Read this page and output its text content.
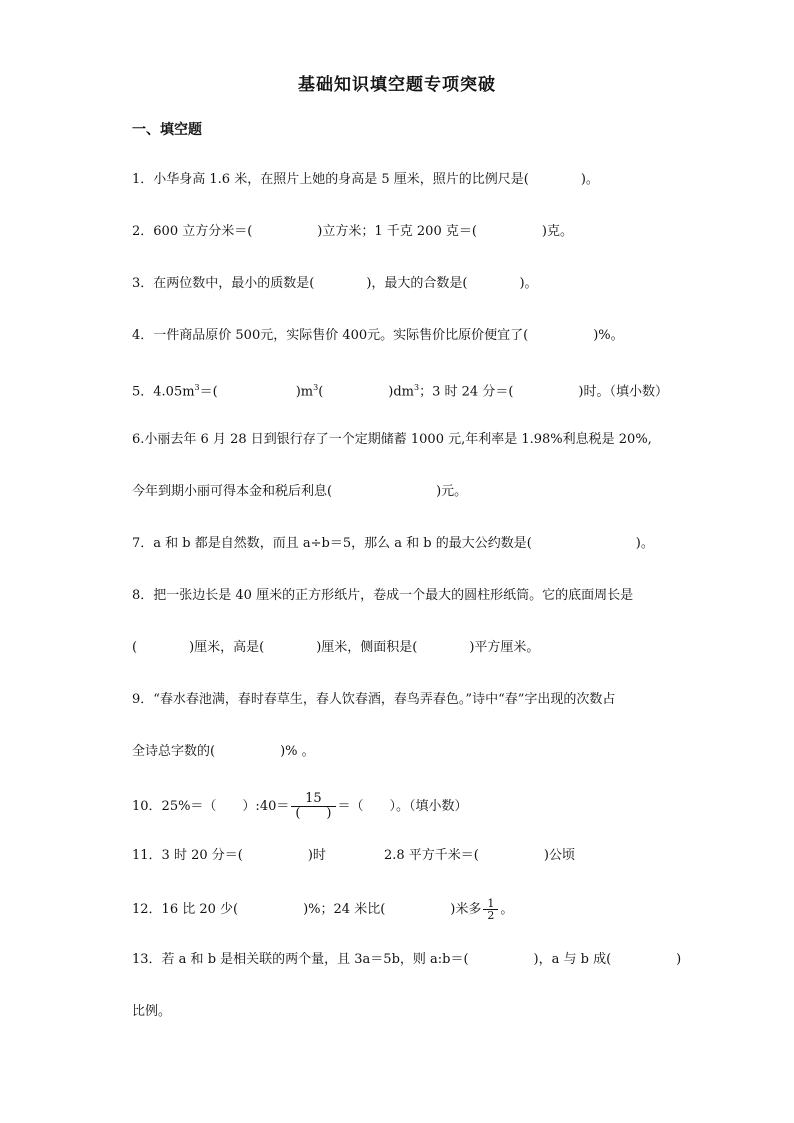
基础知识填空题专项突破
一、填空题
1．小华身高 1.6 米，在照片上她的身高是 5 厘米，照片的比例尺是(　　　　)。
2．600 立方分米＝(　　　　　)立方米；1 千克 200 克＝(　　　　　)克。
3．在两位数中，最小的质数是(　　　　)，最大的合数是(　　　　)。
4．一件商品原价 500元，实际售价 400元。实际售价比原价便宜了(　　　　　)%。
5．$4.05m^3=$(　　　　　　)$m^3$(　　　　　)$dm^3$；3 时 24 分＝(　　　　　)时。（填小数）
6.小丽去年 6 月 28 日到银行存了一个定期储蓄 1000 元,年利率是 1.98%利息税是 20%,
今年到期小丽可得本金和税后利息(　　　　　　　　)元。
7．a 和 b 都是自然数，而且 a÷b＝5，那么 a 和 b 的最大公约数是(　　　　　　　　)。
8．把一张边长是 40 厘米的正方形纸片，卷成一个最大的圆柱形纸筒。它的底面周长是
(　　　　)厘米，高是(　　　　)厘米，侧面积是(　　　　)平方厘米。
9．“春水春池满，春时春草生，春人饮春酒，春鸟弄春色。”诗中“春”字出现的次数占
全诗总字数的(　　　　　)% 。
10．25%＝（　　）:40＝ $\frac{15}{( )}$ ＝（　　）。（填小数）
11．3 时 20 分＝(　　　　　)时	2.8 平方千米＝(　　　　　)公顷
12．16 比 20 少(　　　　　)%；24 米比(　　　　　)米多 $\frac{1}{2}$ 。
13．若 a 和 b 是相关联的两个量，且 3a＝5b，则 a:b＝(　　　　　)，a 与 b 成(　　　　　)
比例。
